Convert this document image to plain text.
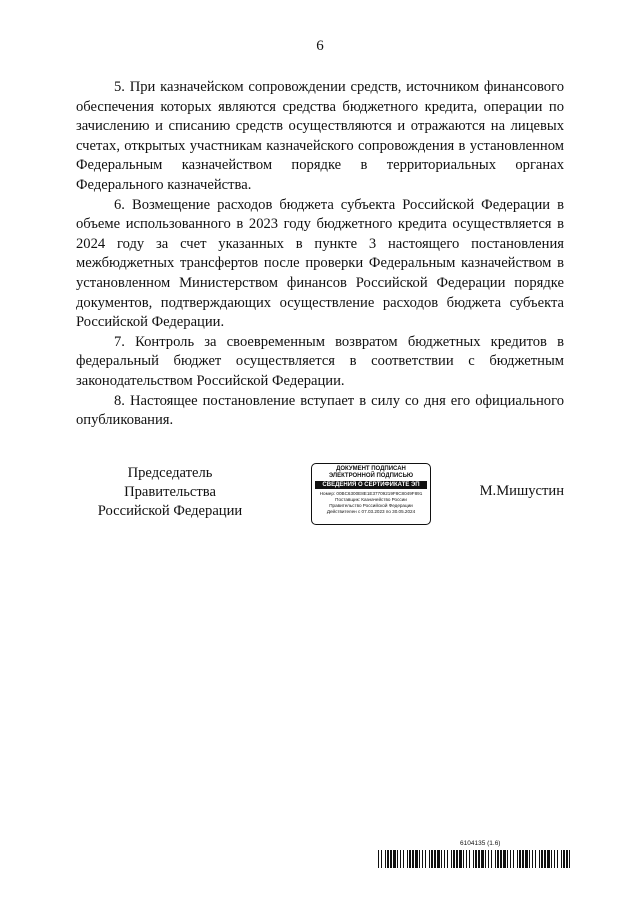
6

5. При казначейском сопровождении средств, источником финансового обеспечения которых являются средства бюджетного кредита, операции по зачислению и списанию средств осуществляются и отражаются на лицевых счетах, открытых участникам казначейского сопровождения в установленном Федеральным казначейством порядке в территориальных органах Федерального казначейства.

6. Возмещение расходов бюджета субъекта Российской Федерации в объеме использованного в 2023 году бюджетного кредита осуществляется в 2024 году за счет указанных в пункте 3 настоящего постановления межбюджетных трансфертов после проверки Федеральным казначейством в установленном Министерством финансов Российской Федерации порядке документов, подтверждающих осуществление расходов бюджета субъекта Российской Федерации.

7. Контроль за своевременным возвратом бюджетных кредитов в федеральный бюджет осуществляется в соответствии с бюджетным законодательством Российской Федерации.

8. Настоящее постановление вступает в силу со дня его официального опубликования.

Председатель Правительства
Российской Федерации
ДОКУМЕНТ ПОДПИСАН
ЭЛЕКТРОННОЙ ПОДПИСЬЮ
СВЕДЕНИЯ О СЕРТИФИКАТЕ ЭП
Номер: 00BC6300E8E1E37709219F8C8049F891
Поставщик: Казначейство России
Правительство Российской Федерации
Действителен с 07.03.2023 по 30.05.2024
М.Мишустин
6104135 (1.6)
